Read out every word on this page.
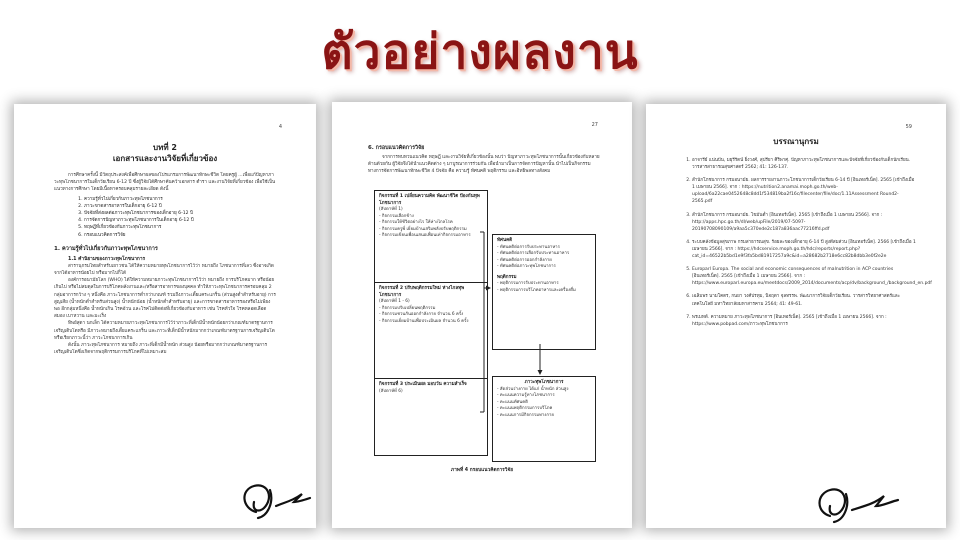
ตัวอย่างผลงาน
4
บทที่ 2
เอกสารและงานวิจัยที่เกี่ยวข้อง
การศึกษาครั้งนี้ มีวัตถุประสงค์เพื่อศึกษาผลของโปรแกรมการพัฒนาทักษะชีวิต โดยครูผู้ ...เพื่อแก้ปัญหาภาวะทุพโภชนาการในเด็กวัยเรียน 6-12 ปี ซึ่งผู้วิจัยได้ศึกษาค้นคว้าเอกสาร ตำรา และงานวิจัยที่เกี่ยวข้อง เพื่อใช้เป็นแนวทางการศึกษา โดยมีเนื้อหาครอบคลุมรายละเอียด ดังนี้
1. ความรู้ทั่วไปเกี่ยวกับภาวะทุพโภชนาการ
2. ภาวะขาดสารอาหารในเด็กอายุ 6-12 ปี
3. ปัจจัยที่ส่งผลต่อภาวะทุพโภชนาการของเด็กอายุ 6-12 ปี
4. การจัดการปัญหาภาวะทุพโภชนาการในเด็กอายุ 6-12 ปี
5. ทฤษฎีที่เกี่ยวข้องกับภาวะทุพโภชนาการ
6. กรอบแนวคิดการวิจัย
1. ความรู้ทั่วไปเกี่ยวกับภาวะทุพโภชนาการ
1.1 คำนิยามของภาวะทุพโภชนาการ
สารานุกรมไทยสำหรับเยาวชน ได้ให้ความหมายทุพโภชนาการไว้ว่า หมายถึง โภชนาการที่เลว ซึ่งอาจเกิดจากได้อาหารน้อยไป หรือมากไปก็ได้
องค์การอนามัยโลก (WHO) ได้ให้ความหมายภาวะทุพโภชนาการไว้ว่า หมายถึง การบริโภคมาก หรือน้อยเกินไป หรือไม่สมดุลในการบริโภคพลังงานและ/หรือสารอาหารของบุคคล ทำให้ภาวะทุพโภชนาการครอบคลุม 2 กลุ่มอาการกว้าง ๆ หนึ่งคือ ภาวะโภชนาการต่ำกว่าเกณฑ์ รวมถึงภาวะเตี้ยแคระแกร็น (ส่วนสูงต่ำสำหรับอายุ) การสูญเสีย (น้ำหนักต่ำสำหรับส่วนสูง) น้ำหนักน้อย (น้ำหนักต่ำสำหรับอายุ) และการขาดสารอาหารรองหรือไม่เพียงพอ อีกกลุ่มหนึ่งคือ น้ำหนักเกิน โรคอ้วน และโรคไม่ติดต่อที่เกี่ยวข้องกับอาหาร เช่น โรคหัวใจ โรคหลอดเลือดสมอง เบาหวาน และมะเร็ง
ทิพย์สุดา นกเล็ก ได้ความหมายภาวะทุพโภชนาการไว้ว่าภาวะที่เด็กมีน้ำหนักน้อยกว่าเกณฑ์มาตรฐานการเจริญเติบโตหรือ มีภาวะหมายถึงเตี้ยแคระแกร็น และภาวะที่เด็กมีน้ำหนักมากกว่าเกณฑ์มาตรฐานการเจริญเติบโตหรือเรียกภาวะนี้ว่า ภาวะโภชนาการเกิน
ดังนั้น ภาวะทุพโภชนาการ หมายถึง ภาวะที่เด็กมีน้ำหนัก ส่วนสูง น้อยหรือมากกว่าเกณฑ์มาตรฐานการเจริญเติบโตซึ่งเกิดจากพฤติกรรมการบริโภคที่ไม่เหมาะสม
27
6. กรอบแนวคิดการวิจัย
จากการทบทวนแนวคิด ทฤษฎี และงานวิจัยที่เกี่ยวข้องนั้น พบว่า ปัญหาภาวะทุพโภชนาการนั้นเกี่ยวข้องกับหลายด้านด้วยกัน ผู้วิจัยจึงได้นำแนวคิดต่าง ๆ มาบูรณาการร่วมกัน เพื่อนำมาเป็นการจัดการปัญหานั้น นำไปเป็นกิจกรรมทางการจัดการพัฒนาทักษะชีวิต 4 ปัจจัย คือ ความรู้ ทัศนคติ พฤติกรรม และอิทธิพลทางสังคม
กิจกรรมที่ 1 เปลี่ยนความคิด พัฒนาชีวิต ป้องกันทุพโภชนาการ
(สัปดาห์ที่ 1)
- กิจกรรมเลือกข้าง
- กิจกรรมให้ชีวิตอย่างไร ให้ห่างไกลโรค
- กิจกรรมครูพี่ เยี่ยมบ้านเสริมพลังปรับพฤติกรรม
- กิจกรรมเขียนเพื่อนเสนอเพื่อนเท่ากิจกรรมอาหาร
กิจกรรมที่ 2 ปรับพฤติกรรมใหม่ ห่างไกลทุพโภชนาการ
(สัปดาห์ที่ 1 - 6)
- กิจกรรมปรับเปลี่ยนพฤติกรรม
- กิจกรรมชวนกันออกกำลังกาย จำนวน 6 ครั้ง
- กิจกรรมเยี่ยมบ้านเพื่อประเมินผล จำนวน 6 ครั้ง
กิจกรรมที่ 3 ประเมินผล มอบวัน ความสำเร็จ
(สัปดาห์ที่ 6)
ทัศนคติ
- ทัศนคติต่อการรับประทานอาหาร
- ทัศนคติต่อการเลือกรับประทานอาหาร
- ทัศนคติต่อการออกกำลังกาย
- ทัศนคติต่อภาวะทุพโภชนาการ
พฤติกรรม
- พฤติกรรมการรับประทานอาหาร
- พฤติกรรมการบริโภคอาหารและเครื่องดื่ม
ภาวะทุพโภชนาการ
- สัดส่วนร่างกาย ได้แก่ น้ำหนัก ส่วนสูง
- คะแนนความรู้ทางโภชนาการ
- คะแนนทัศนคติ
- คะแนนพฤติกรรมการบริโภค
- คะแนนการมีกิจกรรมทางกาย
ภาพที่ 4 กรอบแนวคิดการวิจัย
59
บรรณานุกรม
1. อาจารีย์ แน่นปัน, มยุรีรัตน์ ยิ่งวงศ์, สุปรียา ศิริพาศุ. ปัญหาภาวะทุพโภชนาการและปัจจัยที่เกี่ยวข้องกับเด็กนักเรียน. วารสารสาธารณสุขศาสตร์ 2562; 41: 126-137.
2. สำนักโภชนาการ กรมอนามัย. ผลการรายงานภาวะโภชนาการเด็กวัยเรียน 6-14 ปี [อินเทอร์เน็ต]. 2565 [เข้าถึงเมื่อ 1 เมษายน 2566]. จาก : https://nutrition2.anamai.moph.go.th/web-upload/6a22cae0452648c8dd1f534819ba2f16c/filecenter/file/doc/1.11Assessment Round2-2565.pdf
3. สำนักโภชนาการ กรมอนามัย. ไขมันต่ำ [อินเทอร์เน็ต]. 2565 [เข้าถึงเมื่อ 1 เมษายน 2566]. จาก : http://apps.hpc.go.th/dl/web/upFile/2019/07-5097-20190708090109/a9aa5c370ede2c187a836aac77216ffd.pdf
4. ระบบคลังข้อมูลสุขภาพ กรมสาธารณสุข. ร้อยละของเด็กอายุ 6-14 ปี สูงดีสมส่วน [อินเทอร์เน็ต]. 2566 [เข้าถึงเมื่อ 1 เมษายน 2566]. จาก : https://hdcservice.moph.go.th/hdc/reports/report.php?cat_id=46522b5bd1e9f3fa5bd81917257a9c&id=a28682b2718e6cc82b8dbb3e0f2e2e
5. Europarl Europa. The social and economic consequences of malnutrition in ACP countries [อินเทอร์เน็ต]. 2565 [เข้าถึงเมื่อ 1 เมษายน 2566]. จาก : https://www.europarl.europa.eu/meetdocs/2009_2014/documents/acp/dv/background_/background_en.pdf
6. เฉลิมพร นามโคตร, กนยา วงศ์ปรทุม, นิจฤตา จุลทรรพ. พัฒนาการวิจัยเด็กวัยเรียน. วารสารวิทยาศาสตร์และเทคโนโลยี มหาวิทยาลัยมหาสารคาม 2564; 41: 49-61.
7. พรเมทต์. ความหมาย ภาวะทุพโภชนาการ [อินเทอร์เน็ต]. 2565 [เข้าถึงเมื่อ 1 เมษายน 2566]. จาก : https://www.pobpad.com/ภาวะทุพโภชนาการ
